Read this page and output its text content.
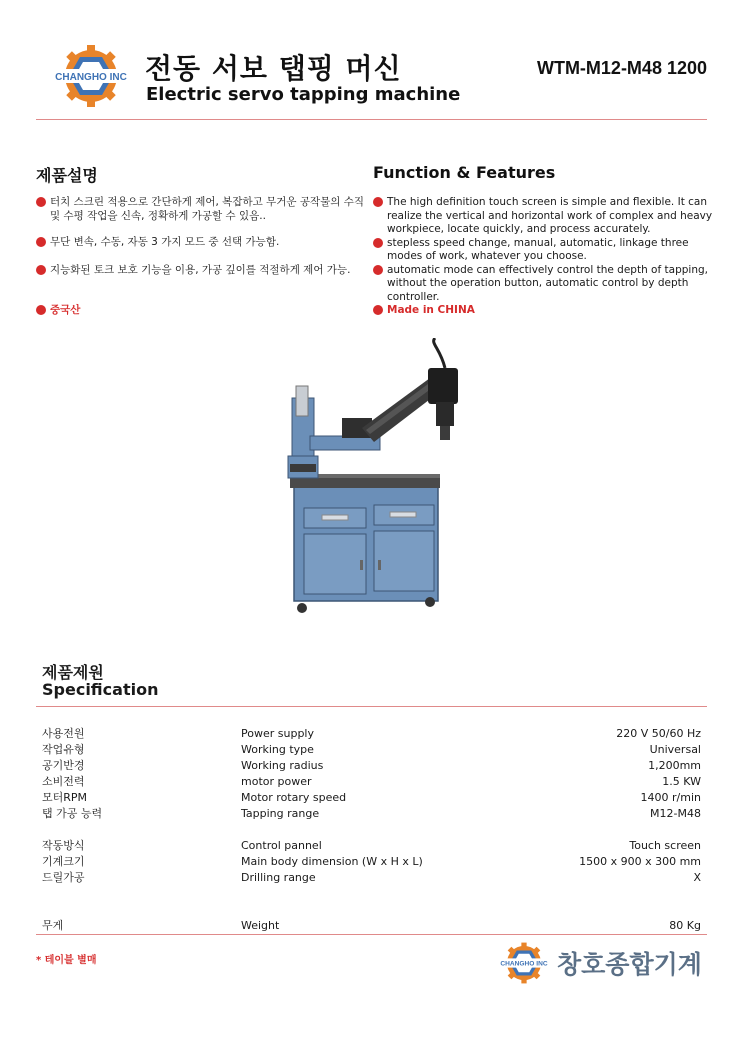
CHANGHO INC 전동 서보 탭핑 머신
Electric servo tapping machine
WTM-M12-M48 1200
제품설명	Function & Features
터치 스크린 적용으로 간단하게 제어, 복잡하고 무거운 공작물의 수직 및 수평 작업을 신속, 정확하게 가공할 수 있음..
무단 변속, 수동, 자동 3 가지 모드 중 선택 가능함.
지능화된 토크 보호 기능을 이용, 가공 깊이를 적절하게 제어 가능.
중국산
The high definition touch screen is simple and flexible. It can realize the vertical and horizontal work of complex and heavy workpiece, locate quickly, and process accurately.
stepless speed change, manual, automatic, linkage three modes of work, whatever you choose.
automatic mode can effectively control the depth of tapping, without the operation button, automatic control by depth controller.
Made in CHINA
제품제원
Specification
사용전원	Power supply	220 V 50/60 Hz
작업유형	Working type	Universal
공기반경	Working radius	1,200mm
소비전력	motor power	1.5 KW
모터RPM	Motor rotary speed	1400 r/min
탭 가공 능력	Tapping range	M12-M48
작동방식	Control pannel	Touch screen
기계크기	Main body dimension (W x H x L)	1500 x 900 x 300 mm
드릴가공	Drilling range	X
무게	Weight	80 Kg
* 테이블 별매	CHANGHO INC 창호종합기계
